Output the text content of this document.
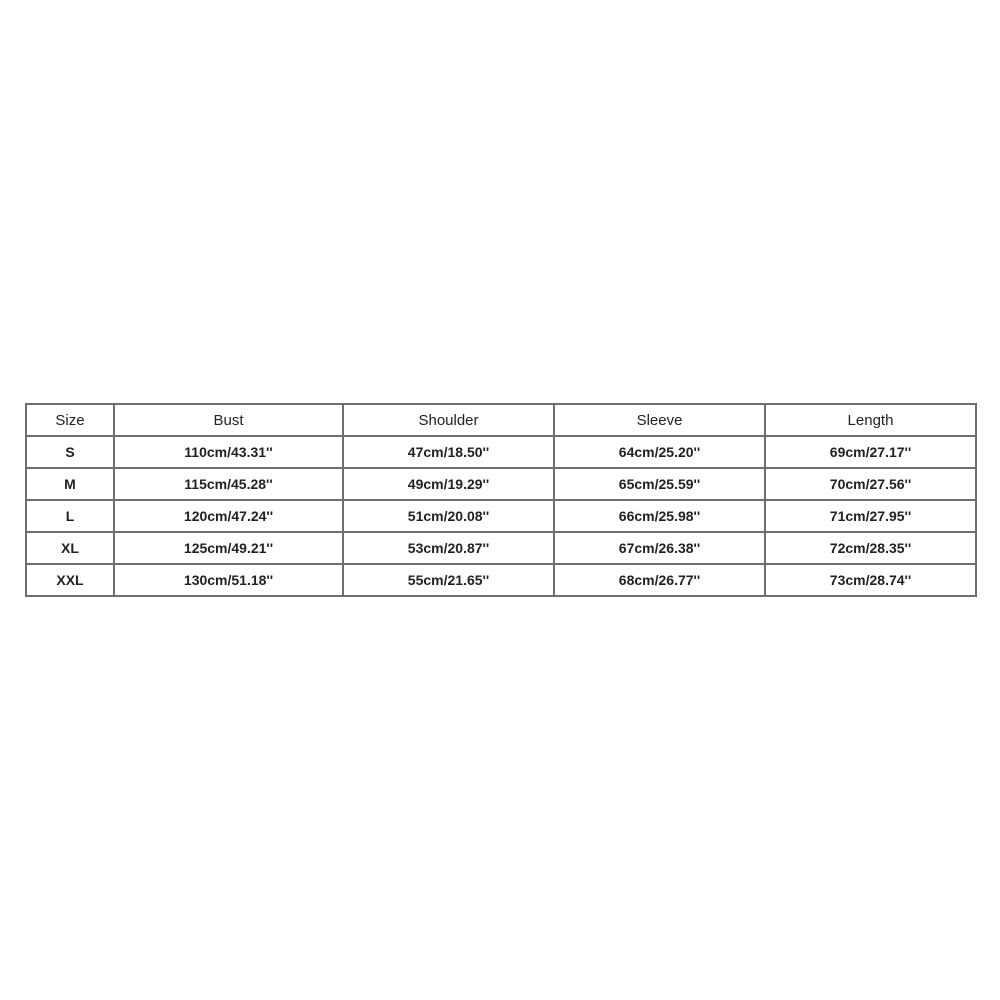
Size	Bust	Shoulder	Sleeve	Length
S	110cm/43.31''	47cm/18.50''	64cm/25.20''	69cm/27.17''
M	115cm/45.28''	49cm/19.29''	65cm/25.59''	70cm/27.56''
L	120cm/47.24''	51cm/20.08''	66cm/25.98''	71cm/27.95''
XL	125cm/49.21''	53cm/20.87''	67cm/26.38''	72cm/28.35''
XXL	130cm/51.18''	55cm/21.65''	68cm/26.77''	73cm/28.74''
